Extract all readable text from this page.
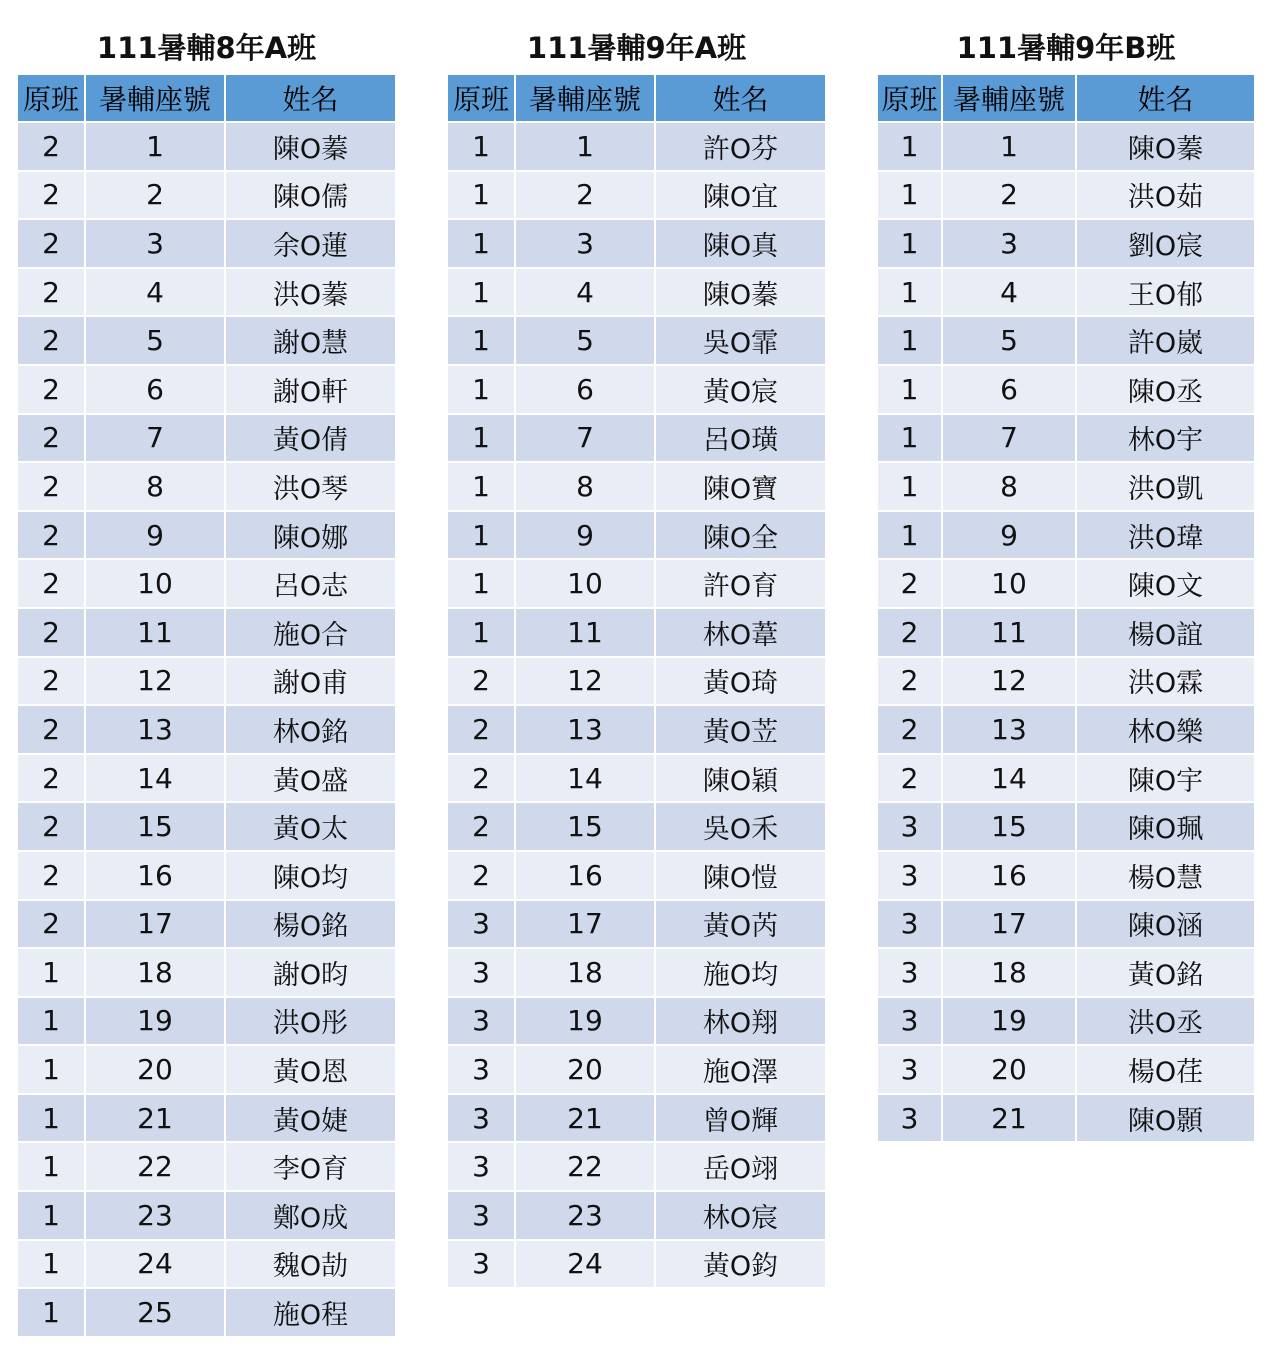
111暑輔8年A班
原班	暑輔座號	姓名
2	1	陳O蓁
2	2	陳O儒
2	3	余O蓮
2	4	洪O蓁
2	5	謝O慧
2	6	謝O軒
2	7	黃O倩
2	8	洪O琴
2	9	陳O娜
2	10	呂O志
2	11	施O合
2	12	謝O甫
2	13	林O銘
2	14	黃O盛
2	15	黃O太
2	16	陳O均
2	17	楊O銘
1	18	謝O昀
1	19	洪O彤
1	20	黃O恩
1	21	黃O婕
1	22	李O育
1	23	鄭O成
1	24	魏O劼
1	25	施O程
111暑輔9年A班
原班	暑輔座號	姓名
1	1	許O芬
1	2	陳O宜
1	3	陳O真
1	4	陳O蓁
1	5	吳O霏
1	6	黃O宸
1	7	呂O璜
1	8	陳O寶
1	9	陳O全
1	10	許O育
1	11	林O葦
2	12	黃O琦
2	13	黃O苙
2	14	陳O穎
2	15	吳O禾
2	16	陳O愷
3	17	黃O芮
3	18	施O均
3	19	林O翔
3	20	施O澤
3	21	曾O輝
3	22	岳O翊
3	23	林O宸
3	24	黃O鈞
111暑輔9年B班
原班	暑輔座號	姓名
1	1	陳O蓁
1	2	洪O茹
1	3	劉O宸
1	4	王O郁
1	5	許O崴
1	6	陳O丞
1	7	林O宇
1	8	洪O凱
1	9	洪O瑋
2	10	陳O文
2	11	楊O誼
2	12	洪O霖
2	13	林O樂
2	14	陳O宇
3	15	陳O珮
3	16	楊O慧
3	17	陳O涵
3	18	黃O銘
3	19	洪O丞
3	20	楊O荏
3	21	陳O顥
